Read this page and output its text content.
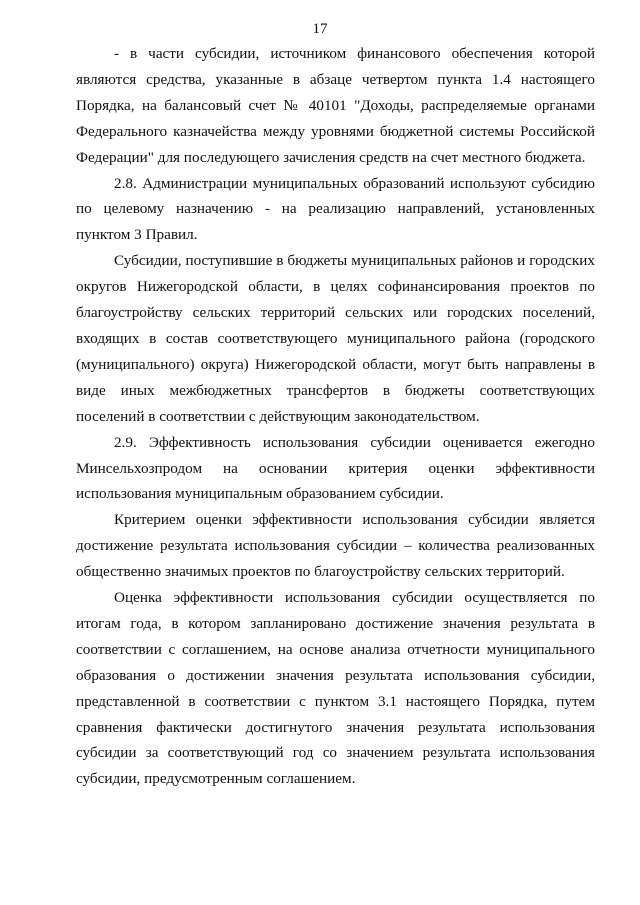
17

- в части субсидии, источником финансового обеспечения которой являются средства, указанные в абзаце четвертом пункта 1.4 настоящего Порядка, на балансовый счет № 40101 "Доходы, распределяемые органами Федерального казначейства между уровнями бюджетной системы Российской Федерации" для последующего зачисления средств на счет местного бюджета.

2.8. Администрации муниципальных образований используют субсидию по целевому назначению - на реализацию направлений, установленных пунктом 3 Правил.

Субсидии, поступившие в бюджеты муниципальных районов и городских округов Нижегородской области, в целях софинансирования проектов по благоустройству сельских территорий сельских или городских поселений, входящих в состав соответствующего муниципального района (городского (муниципального) округа) Нижегородской области, могут быть направлены в виде иных межбюджетных трансфертов в бюджеты соответствующих поселений в соответствии с действующим законодательством.

2.9. Эффективность использования субсидии оценивается ежегодно Минсельхозпродом на основании критерия оценки эффективности использования муниципальным образованием субсидии.

Критерием оценки эффективности использования субсидии является достижение результата использования субсидии – количества реализованных общественно значимых проектов по благоустройству сельских территорий.

Оценка эффективности использования субсидии осуществляется по итогам года, в котором запланировано достижение значения результата в соответствии с соглашением, на основе анализа отчетности муниципального образования о достижении значения результата использования субсидии, представленной в соответствии с пунктом 3.1 настоящего Порядка, путем сравнения фактически достигнутого значения результата использования субсидии за соответствующий год со значением результата использования субсидии, предусмотренным соглашением.
